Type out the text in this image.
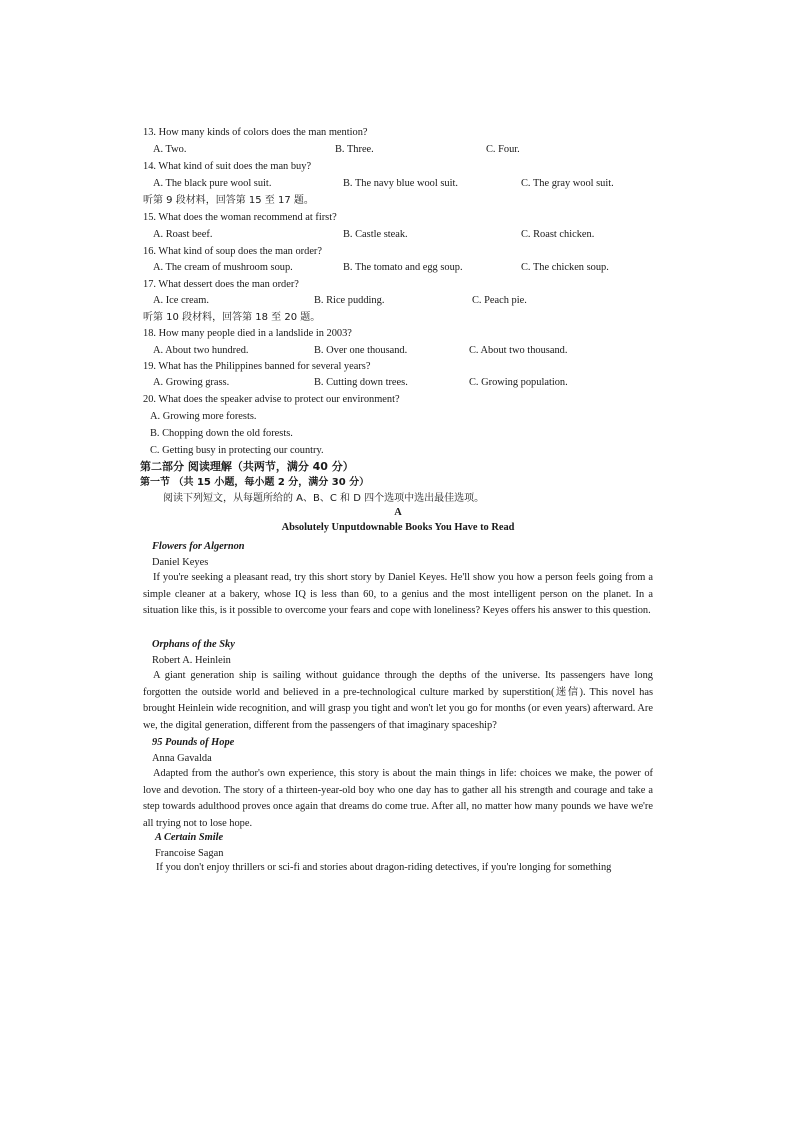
13. How many kinds of colors does the man mention?
A. Two.	B. Three.	C. Four.
14. What kind of suit does the man buy?
A. The black pure wool suit.	B. The navy blue wool suit.	C. The gray wool suit.
听第 9 段材料，回答第 15 至 17 题。
15. What does the woman recommend at first?
A. Roast beef.	B. Castle steak.	C. Roast chicken.
16. What kind of soup does the man order?
A. The cream of mushroom soup.	B. The tomato and egg soup.	C. The chicken soup.
17. What dessert does the man order?
A. Ice cream.	B. Rice pudding.	C. Peach pie.
听第 10 段材料，回答第 18 至 20 题。
18. How many people died in a landslide in 2003?
A. About two hundred.	B. Over one thousand.	C. About two thousand.
19. What has the Philippines banned for several years?
A. Growing grass.	B. Cutting down trees.	C. Growing population.
20. What does the speaker advise to protect our environment?
A. Growing more forests.
B. Chopping down the old forests.
C. Getting busy in protecting our country.
第二部分 阅读理解（共两节，满分 40 分）
第一节 （共 15 小题，每小题 2 分，满分 30 分）
阅读下列短文，从每题所给的 A、B、C 和 D 四个选项中选出最佳选项。
A
Absolutely Unputdownable Books You Have to Read
Flowers for Algernon
Daniel Keyes
If you're seeking a pleasant read, try this short story by Daniel Keyes. He'll show you how a person feels going from a simple cleaner at a bakery, whose IQ is less than 60, to a genius and the most intelligent person on the planet. In a situation like this, is it possible to overcome your fears and cope with loneliness? Keyes offers his answer to this question.
Orphans of the Sky
Robert A. Heinlein
A giant generation ship is sailing without guidance through the depths of the universe. Its passengers have long forgotten the outside world and believed in a pre-technological culture marked by superstition(迷信). This novel has brought Heinlein wide recognition, and will grasp you tight and won't let you go for months (or even years) afterward. Are we, the digital generation, different from the passengers of that imaginary spaceship?
95 Pounds of Hope
Anna Gavalda
Adapted from the author's own experience, this story is about the main things in life: choices we make, the power of love and devotion. The story of a thirteen-year-old boy who one day has to gather all his strength and courage and take a step towards adulthood proves once again that dreams do come true. After all, no matter how many pounds we have we're all trying not to lose hope.
A Certain Smile
Francoise Sagan
If you don't enjoy thrillers or sci-fi and stories about dragon-riding detectives, if you're longing for something
